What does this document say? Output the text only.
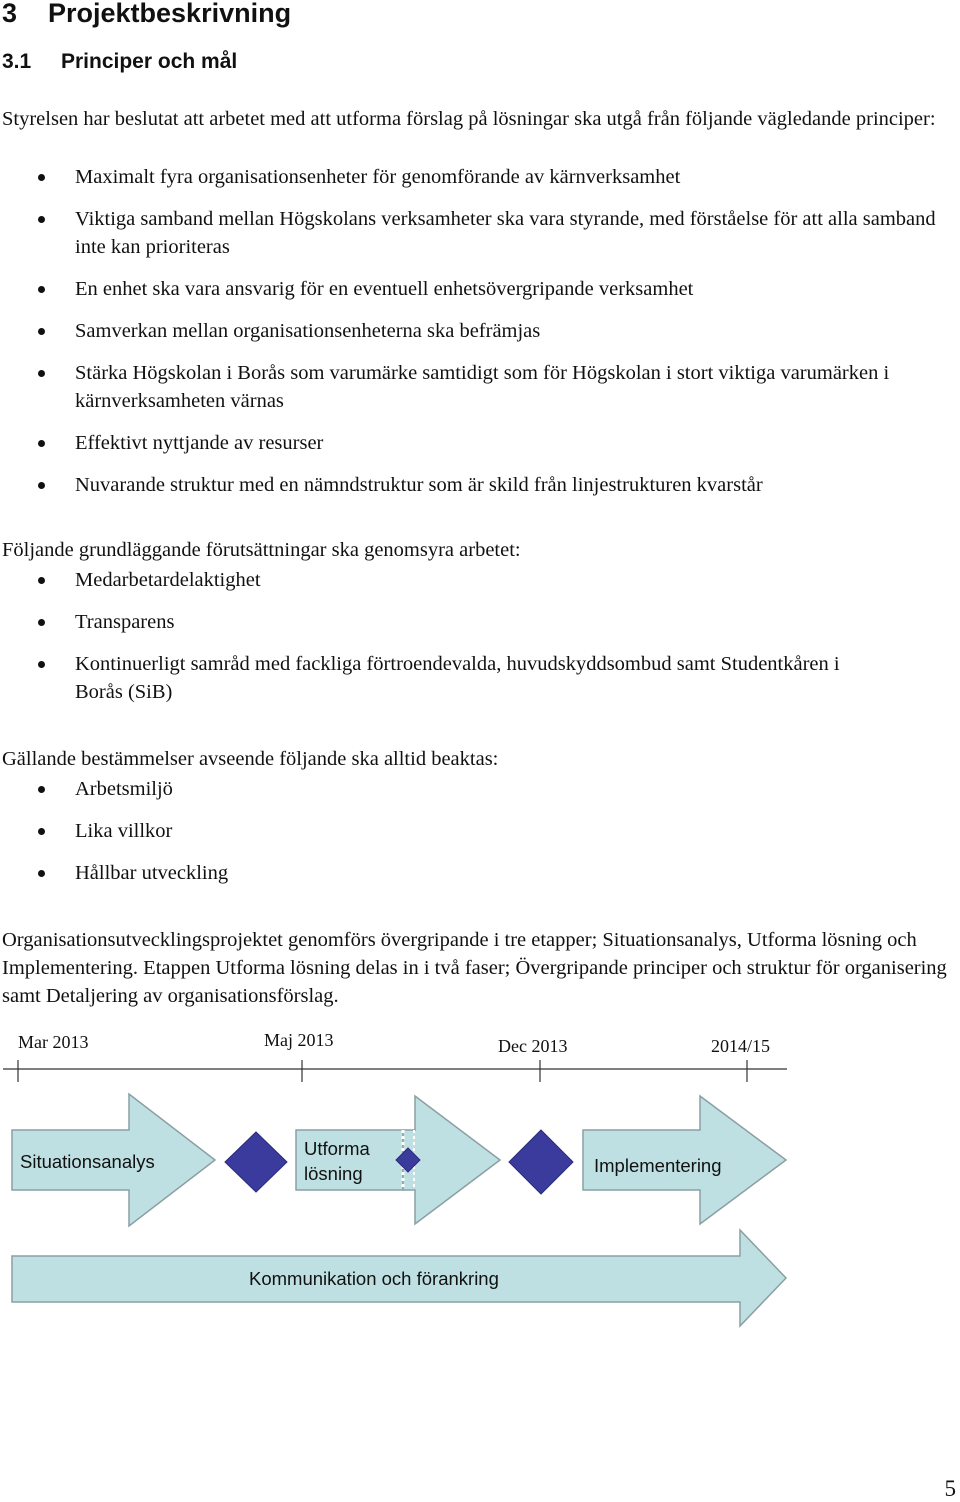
3 Projektbeskrivning
3.1 Principer och mål

Styrelsen har beslutat att arbetet med att utforma förslag på lösningar ska utgå från följande vägledande principer:

Maximalt fyra organisationsenheter för genomförande av kärnverksamhet
Viktiga samband mellan Högskolans verksamheter ska vara styrande, med förståelse för att alla samband inte kan prioriteras
En enhet ska vara ansvarig för en eventuell enhetsövergripande verksamhet
Samverkan mellan organisationsenheterna ska befrämjas
Stärka Högskolan i Borås som varumärke samtidigt som för Högskolan i stort viktiga varumärken i kärnverksamheten värnas
Effektivt nyttjande av resurser
Nuvarande struktur med en nämndstruktur som är skild från linjestrukturen kvarstår

Följande grundläggande förutsättningar ska genomsyra arbetet:

Medarbetardelaktighet
Transparens
Kontinuerligt samråd med fackliga förtroendevalda, huvudskyddsombud samt Studentkåren i Borås (SiB)

Gällande bestämmelser avseende följande ska alltid beaktas:

Arbetsmiljö
Lika villkor
Hållbar utveckling

Organisationsutvecklingsprojektet genomförs övergripande i tre etapper; Situationsanalys, Utforma lösning och Implementering. Etappen Utforma lösning delas in i två faser; Övergripande principer och struktur för organisering samt Detaljering av organisationsförslag.

Mar 2013	Maj 2013	Dec 2013	2014/15
Situationsanalys
Utforma
lösning	Implementering
Kommunikation och förankring
5
